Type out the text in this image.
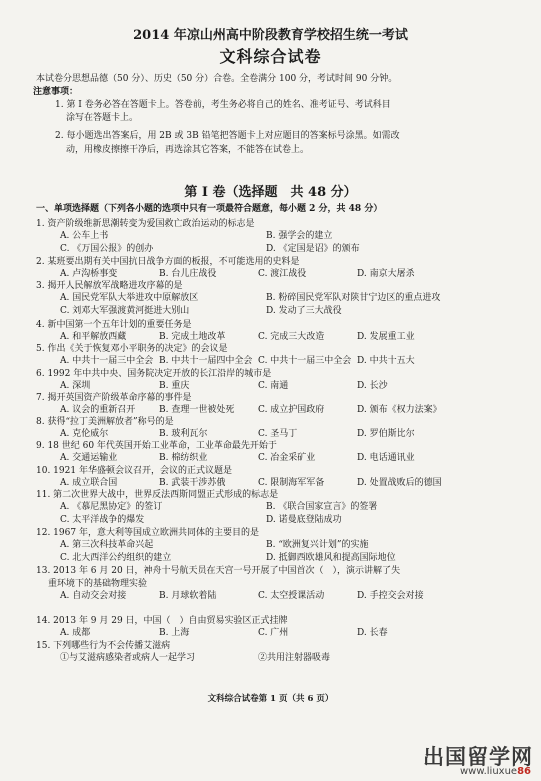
2014 年凉山州高中阶段教育学校招生统一考试
文科综合试卷
本试卷分思想品德（50 分）、历史（50 分）合卷。全卷满分 100 分，考试时间 90 分钟。
注意事项：
1. 第 I 卷务必答在答题卡上。答卷前，考生务必将自己的姓名、准考证号、考试科目
涂写在答题卡上。
2. 每小题选出答案后，用 2B 或 3B 铅笔把答题卡上对应题目的答案标号涂黑。如需改
动，用橡皮擦擦干净后，再选涂其它答案，不能答在试卷上。
第 I 卷（选择题　共 48 分）
一、单项选择题（下列各小题的选项中只有一项最符合题意，每小题 2 分，共 48 分）
1. 资产阶级维新思潮转变为爱国救亡政治运动的标志是
A. 公车上书	B. 强学会的建立
C. 《万国公报》的创办	D. 《定国是诏》的颁布
2. 某班要出期有关中国抗日战争方面的板报，不可能选用的史料是
A. 卢沟桥事变	B. 台儿庄战役	C. 渡江战役	D. 南京大屠杀
3. 揭开人民解放军战略进攻序幕的是
A. 国民党军队大举进攻中原解放区	B. 粉碎国民党军队对陕甘宁边区的重点进攻
C. 刘邓大军强渡黄河挺进大别山	D. 发动了三大战役
4. 新中国第一个五年计划的重要任务是
A. 和平解放西藏	B. 完成土地改革	C. 完成三大改造	D. 发展重工业
5. 作出《关于恢复邓小平职务的决定》的会议是
A. 中共十一届三中全会 B. 中共十一届四中全会 C. 中共十一届三中全会 D. 中共十五大
6. 1992 年中共中央、国务院决定开放的长江沿岸的城市是
A. 深圳	B. 重庆	C. 南通	D. 长沙
7. 揭开英国资产阶级革命序幕的事件是
A. 议会的重新召开	B. 查理一世被处死	C. 成立护国政府	D. 颁布《权力法案》
8. 获得“拉丁美洲解放者”称号的是
A. 克伦威尔	B. 玻利瓦尔	C. 圣马丁	D. 罗伯斯比尔
9. 18 世纪 60 年代英国开始工业革命，工业革命最先开始于
A. 交通运输业	B. 棉纺织业	C. 冶金采矿业	D. 电话通讯业
10. 1921 年华盛顿会议召开，会议的正式议题是
A. 成立联合国	B. 武装干涉苏俄	C. 限制海军军备	D. 处置战败后的德国
11. 第二次世界大战中，世界反法西斯同盟正式形成的标志是
A. 《慕尼黑协定》的签订	B. 《联合国家宣言》的签署
C. 太平洋战争的爆发	D. 诺曼底登陆成功
12. 1967 年，意大利等国成立欧洲共同体的主要目的是
A. 第三次科技革命兴起	B. “欧洲复兴计划”的实施
C. 北大西洋公约组织的建立	D. 抵御西欧雄风和提高国际地位
13. 2013 年 6 月 20 日，神舟十号航天员在天宫一号开展了中国首次（　），演示讲解了失
重环境下的基础物理实验
A. 自动交会对接	B. 月球软着陆	C. 太空授课活动	D. 手控交会对接
14. 2013 年 9 月 29 日，中国（　）自由贸易实验区正式挂牌
A. 成都	B. 上海	C. 广州	D. 长春
15. 下列哪些行为不会传播艾滋病
①与艾滋病感染者或病人一起学习	②共用注射器吸毒
文科综合试卷第 1 页（共 6 页）
出国留学网
www.liuxue86
